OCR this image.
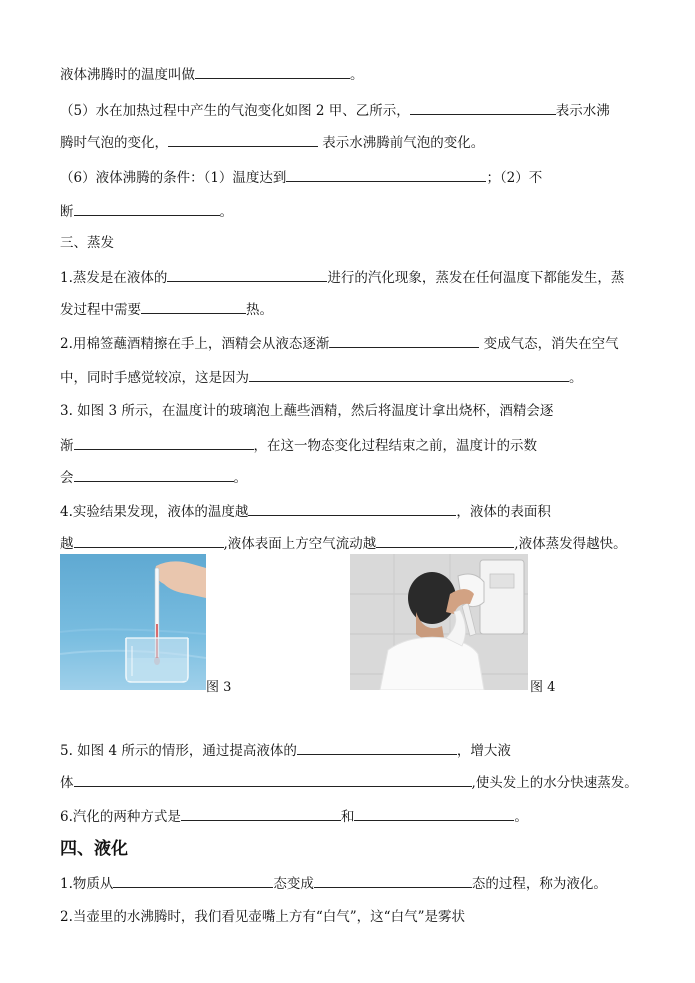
液体沸腾时的温度叫做	。
（5）水在加热过程中产生的气泡变化如图 2 甲、乙所示，	表示水沸
腾时气泡的变化，	表示水沸腾前气泡的变化。
（6）液体沸腾的条件：（1）温度达到	；（2）不
断	。
三、蒸发
1.蒸发是在液体的	进行的汽化现象，蒸发在任何温度下都能发生，蒸
发过程中需要	热。
2.用棉签蘸酒精擦在手上，酒精会从液态逐渐	变成气态，消失在空气
中，同时手感觉较凉，这是因为	。
3. 如图 3 所示，在温度计的玻璃泡上蘸些酒精，然后将温度计拿出烧杯，酒精会逐
渐	，在这一物态变化过程结束之前，温度计的示数
会	。
4.实验结果发现，液体的温度越	，液体的表面积
越	,液体表面上方空气流动越	,液体蒸发得越快。
图 3	图 4
5. 如图 4 所示的情形，通过提高液体的	，增大液
体	,使头发上的水分快速蒸发。
6.汽化的两种方式是	和	。
四、液化
1.物质从	态变成	态的过程，称为液化。
2.当壶里的水沸腾时，我们看见壶嘴上方有“白气”，这“白气”是雾状
